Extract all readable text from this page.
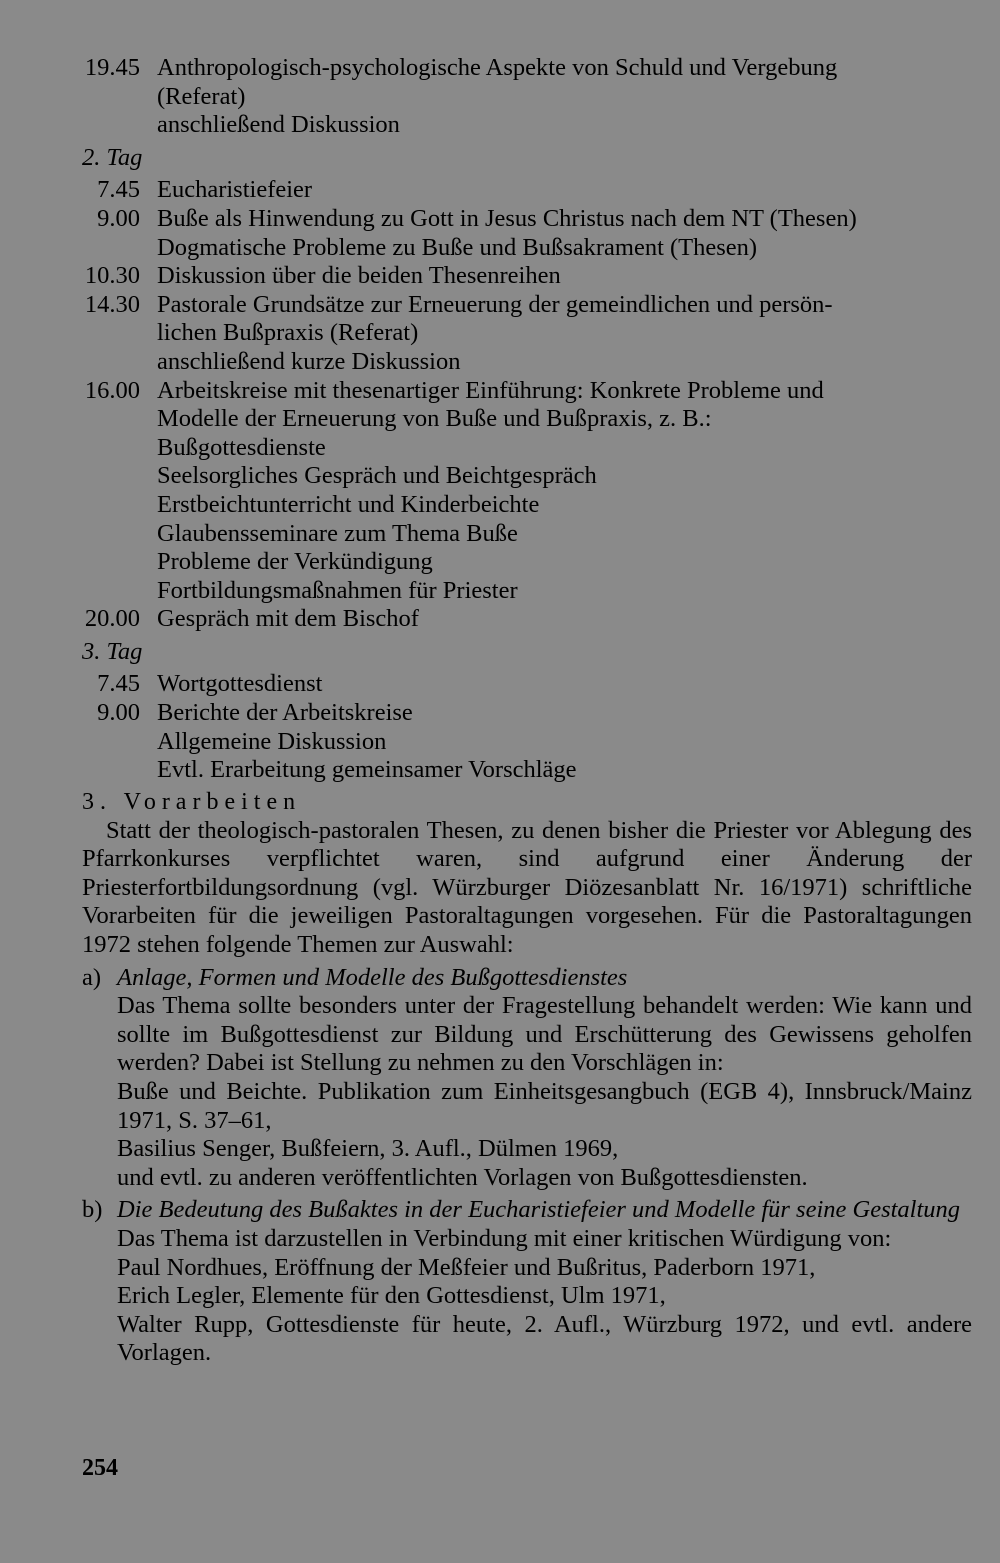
19.45 Anthropologisch-psychologische Aspekte von Schuld und Vergebung
(Referat)
anschließend Diskussion
2. Tag
7.45 Eucharistiefeier
9.00 Buße als Hinwendung zu Gott in Jesus Christus nach dem NT (Thesen)
Dogmatische Probleme zu Buße und Bußsakrament (Thesen)
10.30 Diskussion über die beiden Thesenreihen
14.30 Pastorale Grundsätze zur Erneuerung der gemeindlichen und persön-
lichen Bußpraxis (Referat)
anschließend kurze Diskussion
16.00 Arbeitskreise mit thesenartiger Einführung: Konkrete Probleme und
Modelle der Erneuerung von Buße und Bußpraxis, z. B.:
Bußgottesdienste
Seelsorgliches Gespräch und Beichtgespräch
Erstbeichtunterricht und Kinderbeichte
Glaubensseminare zum Thema Buße
Probleme der Verkündigung
Fortbildungsmaßnahmen für Priester
20.00 Gespräch mit dem Bischof
3. Tag
7.45 Wortgottesdienst
9.00 Berichte der Arbeitskreise
Allgemeine Diskussion
Evtl. Erarbeitung gemeinsamer Vorschläge
3. Vorarbeiten
Statt der theologisch-pastoralen Thesen, zu denen bisher die Priester vor Ablegung des Pfarrkonkurses verpflichtet waren, sind aufgrund einer Änderung der Priesterfortbildungsordnung (vgl. Würzburger Diözesanblatt Nr. 16/1971) schriftliche Vorarbeiten für die jeweiligen Pastoraltagungen vorgesehen. Für die Pastoraltagungen 1972 stehen folgende Themen zur Auswahl:
a) Anlage, Formen und Modelle des Bußgottesdienstes
Das Thema sollte besonders unter der Fragestellung behandelt werden: Wie kann und sollte im Bußgottesdienst zur Bildung und Erschütterung des Gewissens geholfen werden? Dabei ist Stellung zu nehmen zu den Vorschlägen in:
Buße und Beichte. Publikation zum Einheitsgesangbuch (EGB 4), Innsbruck/Mainz 1971, S. 37–61,
Basilius Senger, Bußfeiern, 3. Aufl., Dülmen 1969,
und evtl. zu anderen veröffentlichten Vorlagen von Bußgottesdiensten.
b) Die Bedeutung des Bußaktes in der Eucharistiefeier und Modelle für seine Gestaltung
Das Thema ist darzustellen in Verbindung mit einer kritischen Würdigung von:
Paul Nordhues, Eröffnung der Meßfeier und Bußritus, Paderborn 1971,
Erich Legler, Elemente für den Gottesdienst, Ulm 1971,
Walter Rupp, Gottesdienste für heute, 2. Aufl., Würzburg 1972, und evtl. andere Vorlagen.
254
